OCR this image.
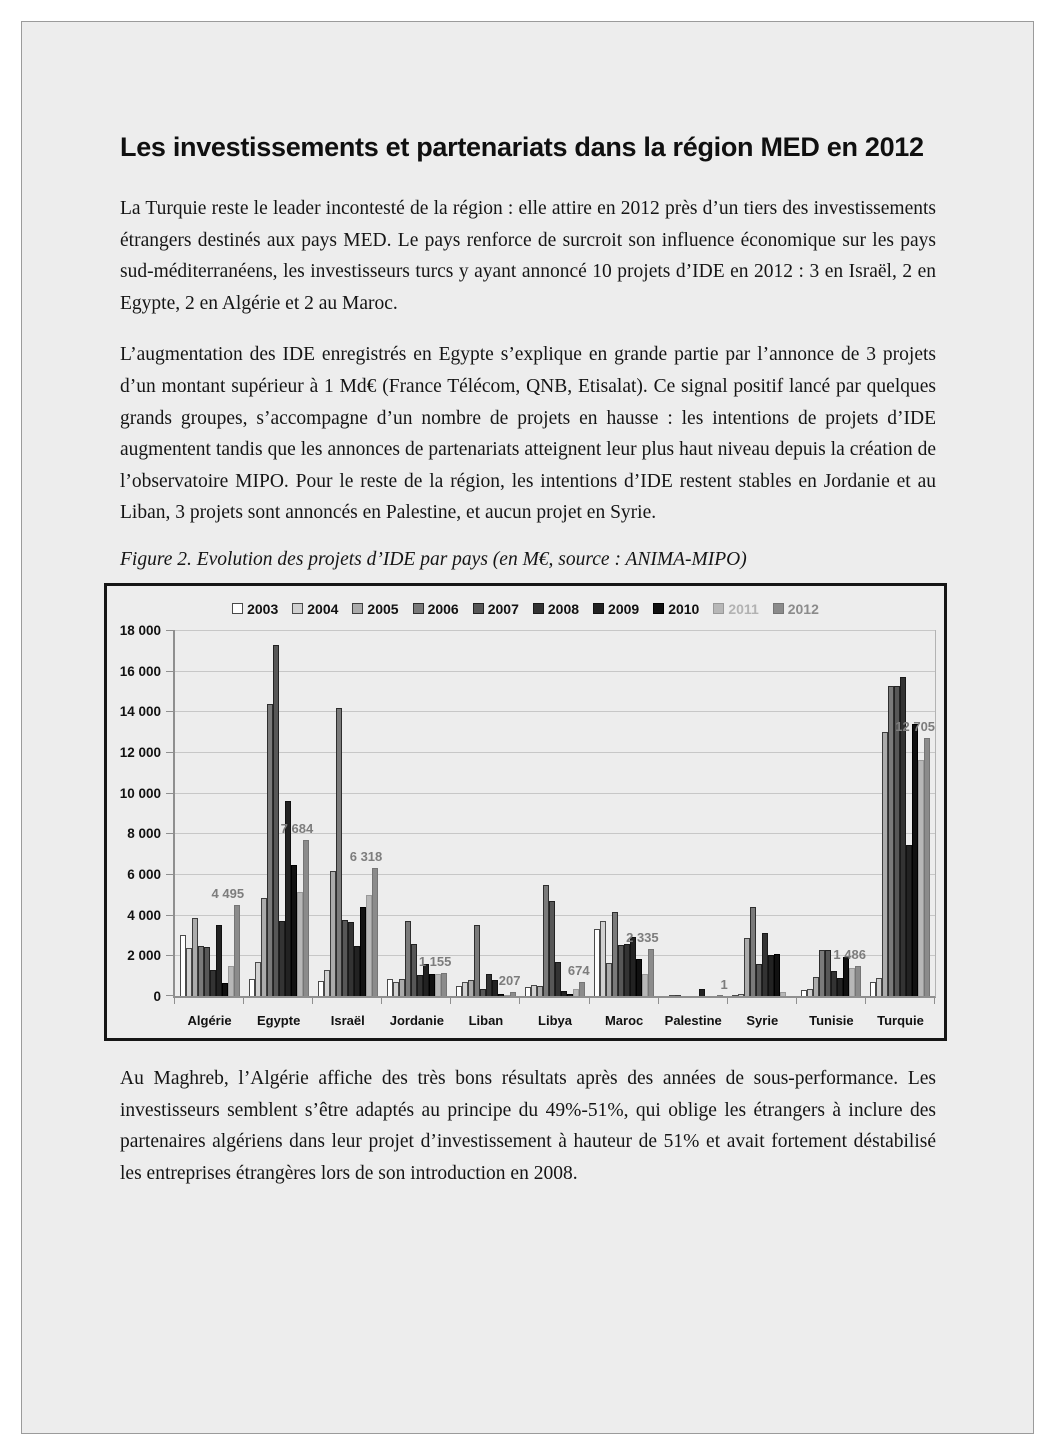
Les investissements et partenariats dans la région MED en 2012

La Turquie reste le leader incontesté de la région : elle attire en 2012 près d’un tiers des investissements étrangers destinés aux pays MED. Le pays renforce de surcroit son influence économique sur les pays sud-méditerranéens, les investisseurs turcs y ayant annoncé 10 projets d’IDE en 2012 : 3 en Israël, 2 en Egypte, 2 en Algérie et 2 au Maroc.

L’augmentation des IDE enregistrés en Egypte s’explique en grande partie par l’annonce de 3 projets d’un montant supérieur à 1 Md€ (France Télécom, QNB, Etisalat). Ce signal positif lancé par quelques grands groupes, s’accompagne d’un nombre de projets en hausse : les intentions de projets d’IDE augmentent tandis que les annonces de partenariats atteignent leur plus haut niveau depuis la création de l’observatoire MIPO. Pour le reste de la région, les intentions d’IDE restent stables en Jordanie et au Liban, 3 projets sont annoncés en Palestine, et aucun projet en Syrie.

Figure 2. Evolution des projets d’IDE par pays (en M€, source : ANIMA-MIPO)

2003 2004 2005 2006 2007 2008 2009 2010 2011 2012
0
2 000
4 000
6 000
8 000
10 000
12 000
14 000
16 000
18 000
4 495
Algérie
7 684
Egypte
6 318
Israël
1 155
Jordanie
207
Liban
674
Libya
2 335
Maroc
1
Palestine	Syrie
1 486
Tunisie
12 705
Turquie

Au Maghreb, l’Algérie affiche des très bons résultats après des années de sous-performance. Les investisseurs semblent s’être adaptés au principe du 49%-51%, qui oblige les étrangers à inclure des partenaires algériens dans leur projet d’investissement à hauteur de 51% et avait fortement déstabilisé les entreprises étrangères lors de son introduction en 2008.
